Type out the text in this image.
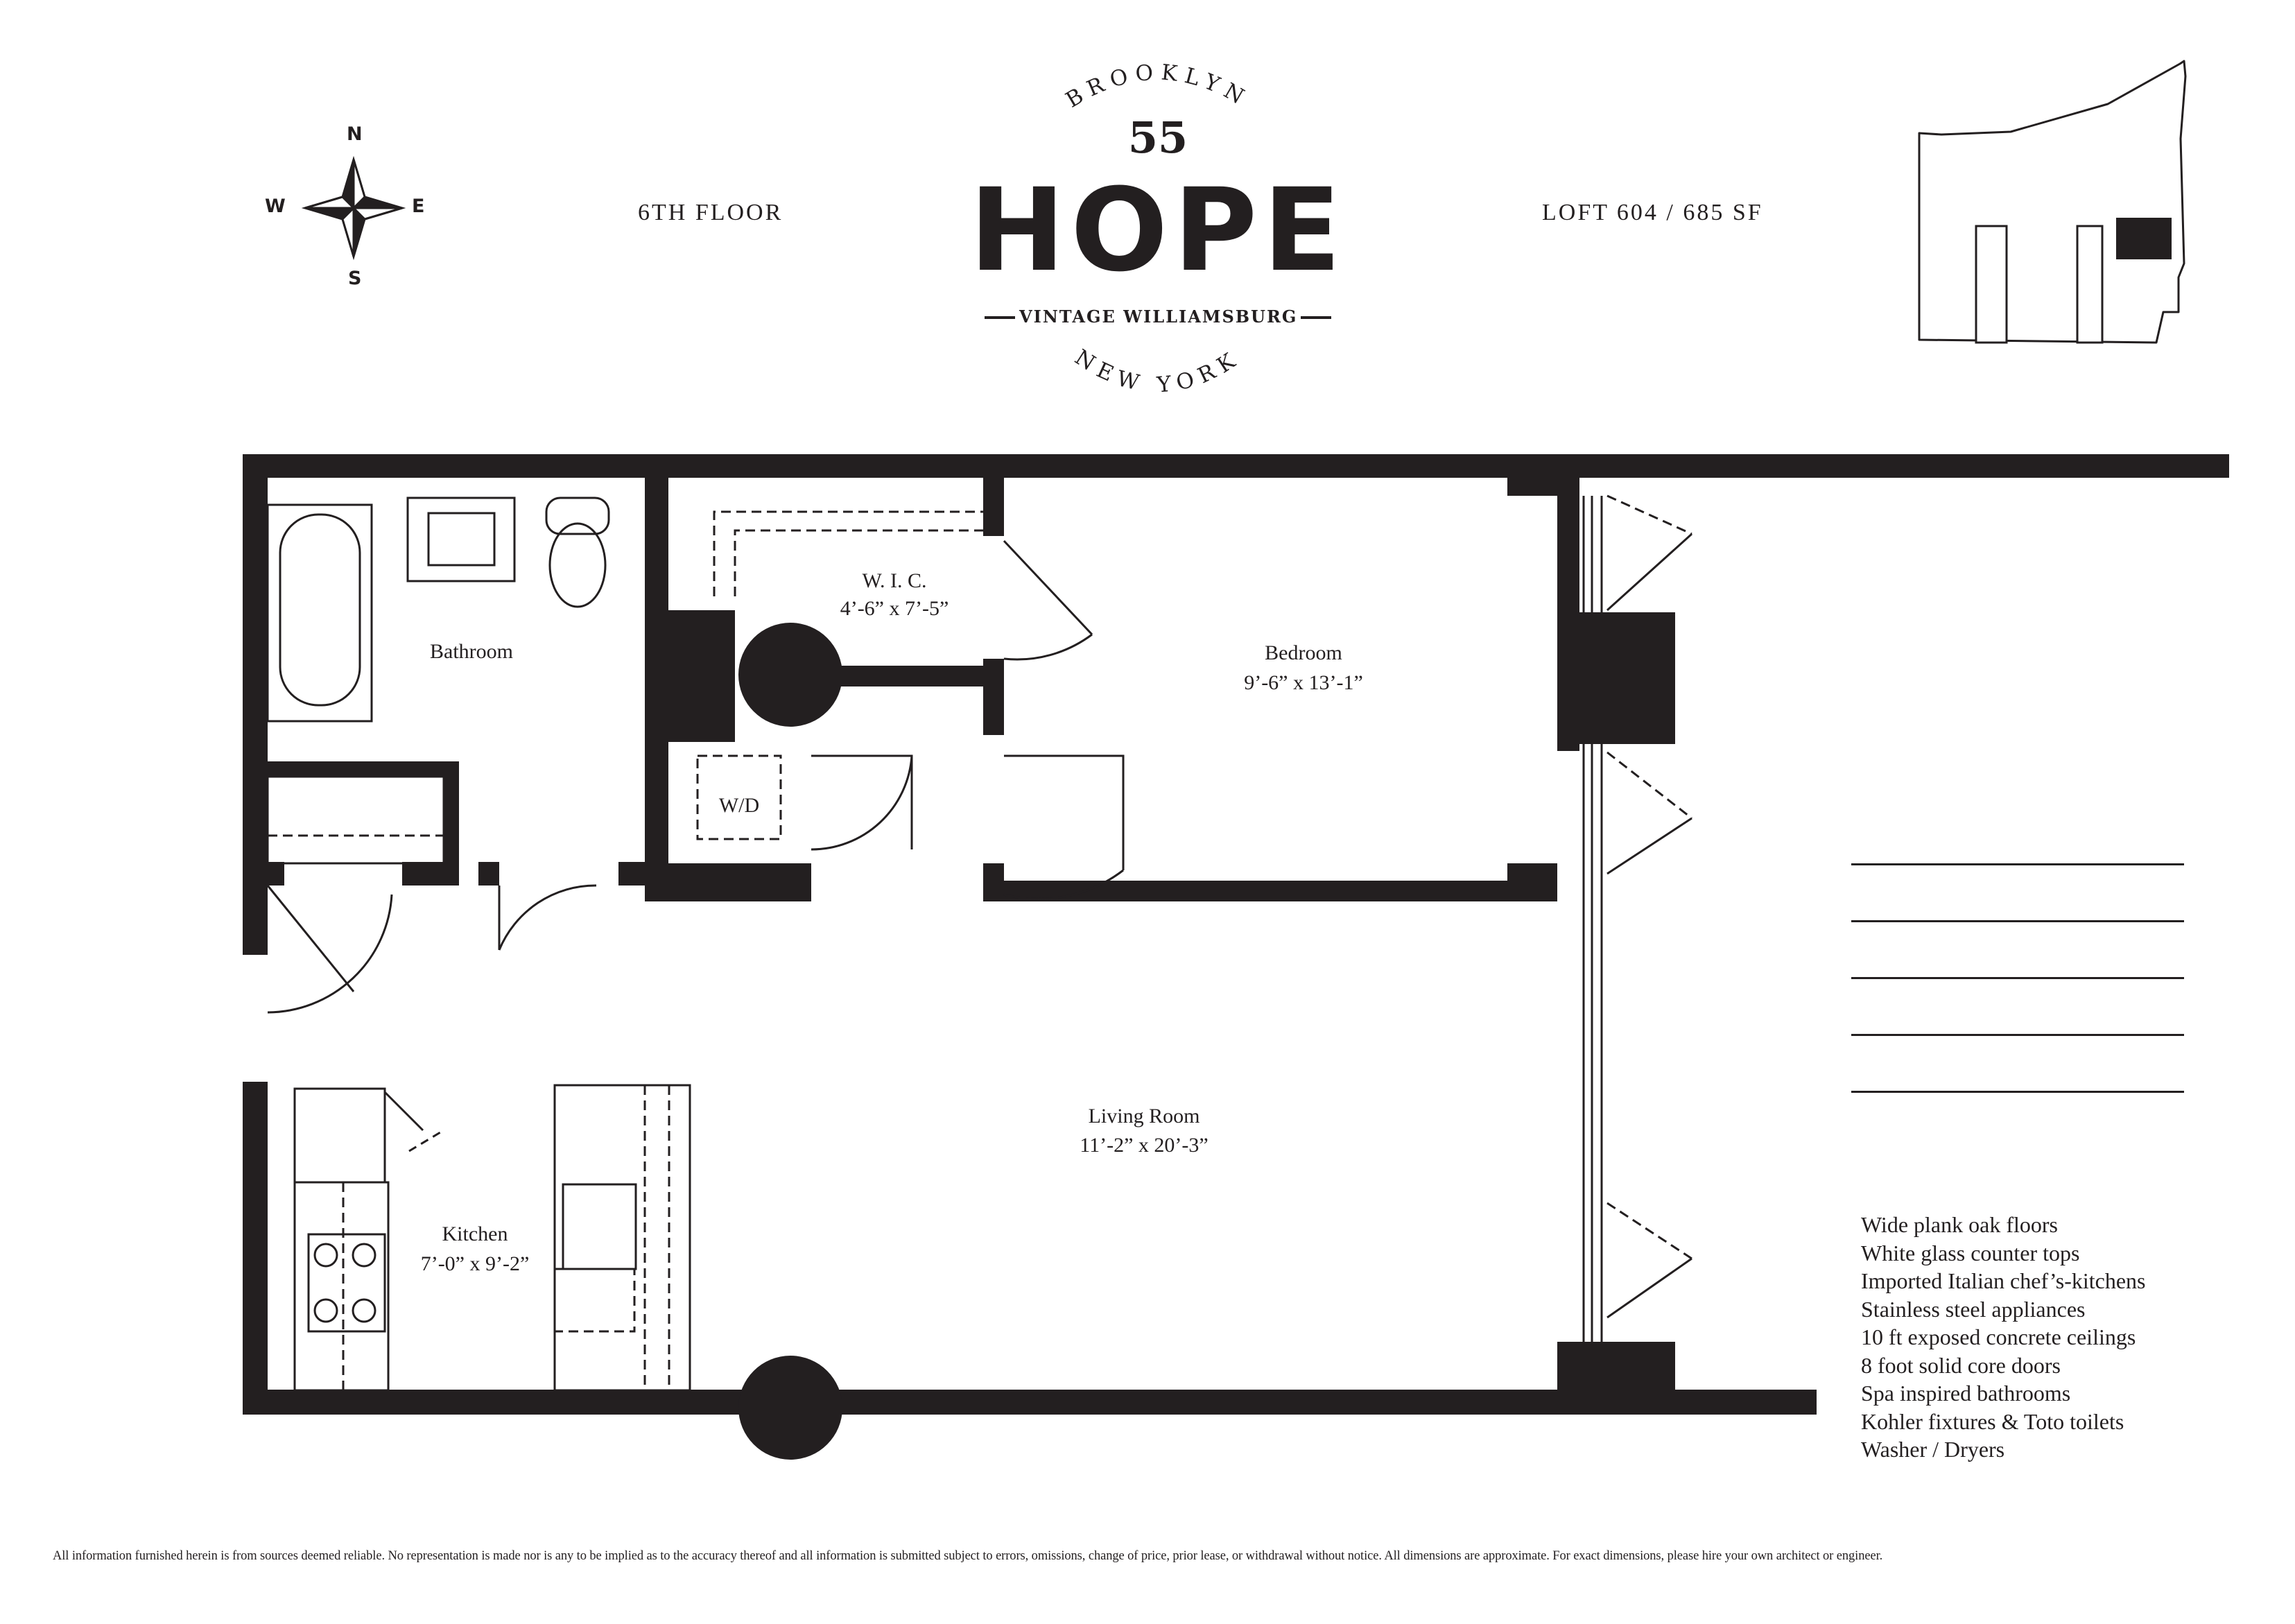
N
S
E
W	6TH FLOOR	LOFT 604 / 685 SF
BROOKLYN
NEW YORK
55
HOPE
VINTAGE WILLIAMSBURG
Bathroom
W. I. C.
4’-6” x 7’-5”
Bedroom
9’-6” x 13’-1”
W/D
Living Room
11’-2” x 20’-3”
Kitchen
7’-0” x 9’-2”
Wide plank oak floors
White glass counter tops
Imported Italian chef’s-kitchens
Stainless steel appliances
10 ft exposed concrete ceilings
8 foot solid core doors
Spa inspired bathrooms
Kohler fixtures & Toto toilets
Washer / Dryers
All information furnished herein is from sources deemed reliable. No representation is made nor is any to be implied as to the accuracy thereof and all information is submitted subject to errors, omissions, change of price, prior lease, or withdrawal without notice. All dimensions are approximate. For exact dimensions, please hire your own architect or engineer.
